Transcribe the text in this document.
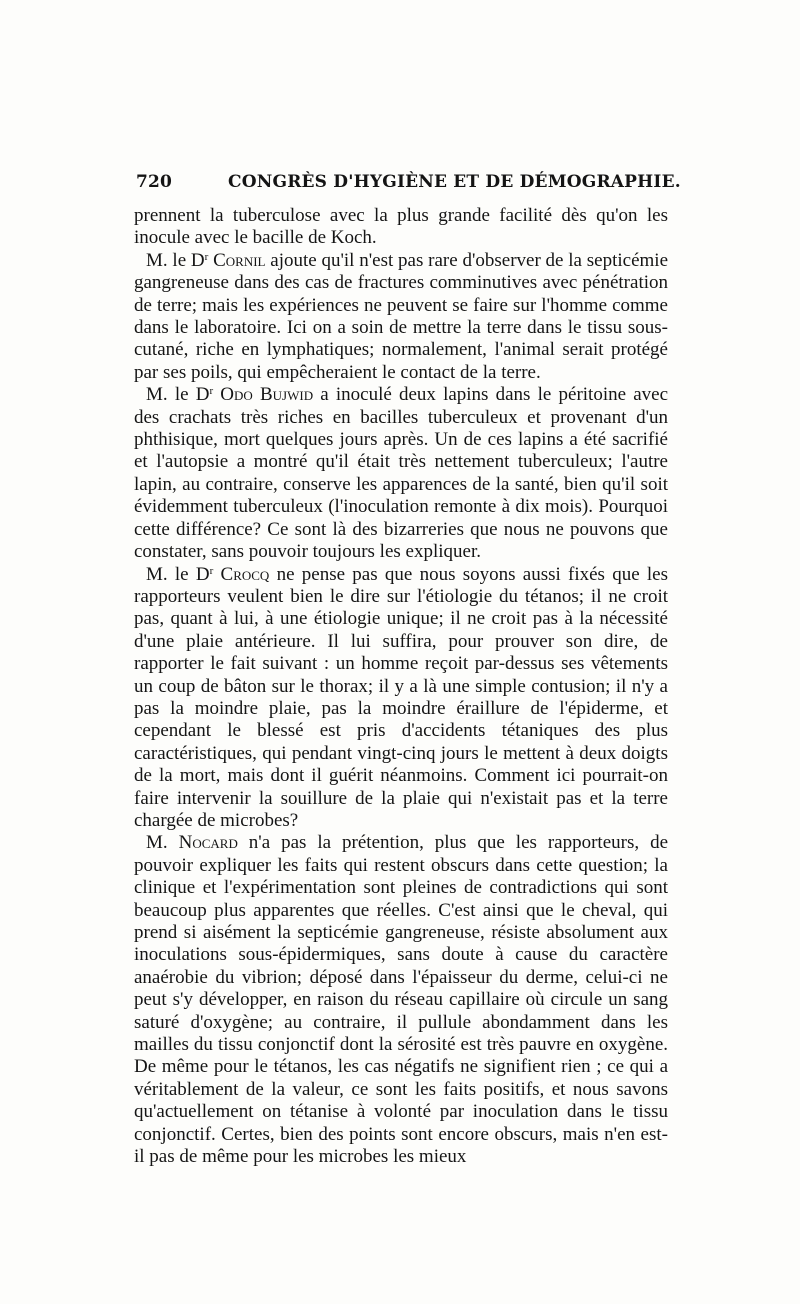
720	CONGRÈS D'HYGIÈNE ET DE DÉMOGRAPHIE.

prennent la tuberculose avec la plus grande facilité dès qu'on les inocule avec le bacille de Koch.

M. le $D^r$ Cornil ajoute qu'il n'est pas rare d'observer de la septicémie gangreneuse dans des cas de fractures comminutives avec pénétration de terre; mais les expériences ne peuvent se faire sur l'homme comme dans le laboratoire. Ici on a soin de mettre la terre dans le tissu sous-cutané, riche en lymphatiques; normalement, l'animal serait protégé par ses poils, qui empêcheraient le contact de la terre.

M. le $D^r$ Odo Bujwid a inoculé deux lapins dans le péritoine avec des crachats très riches en bacilles tuberculeux et provenant d'un phthisique, mort quelques jours après. Un de ces lapins a été sacrifié et l'autopsie a montré qu'il était très nettement tuberculeux; l'autre lapin, au contraire, conserve les apparences de la santé, bien qu'il soit évidemment tuberculeux (l'inoculation remonte à dix mois). Pourquoi cette différence? Ce sont là des bizarreries que nous ne pouvons que constater, sans pouvoir toujours les expliquer.

M. le $D^r$ Crocq ne pense pas que nous soyons aussi fixés que les rapporteurs veulent bien le dire sur l'étiologie du tétanos; il ne croit pas, quant à lui, à une étiologie unique; il ne croit pas à la nécessité d'une plaie antérieure. Il lui suffira, pour prouver son dire, de rapporter le fait suivant : un homme reçoit par-dessus ses vêtements un coup de bâton sur le thorax; il y a là une simple contusion; il n'y a pas la moindre plaie, pas la moindre éraillure de l'épiderme, et cependant le blessé est pris d'accidents tétaniques des plus caractéristiques, qui pendant vingt-cinq jours le mettent à deux doigts de la mort, mais dont il guérit néanmoins. Comment ici pourrait-on faire intervenir la souillure de la plaie qui n'existait pas et la terre chargée de microbes?

M. Nocard n'a pas la prétention, plus que les rapporteurs, de pouvoir expliquer les faits qui restent obscurs dans cette question; la clinique et l'expérimentation sont pleines de contradictions qui sont beaucoup plus apparentes que réelles. C'est ainsi que le cheval, qui prend si aisément la septicémie gangreneuse, résiste absolument aux inoculations sous-épidermiques, sans doute à cause du caractère anaérobie du vibrion; déposé dans l'épaisseur du derme, celui-ci ne peut s'y développer, en raison du réseau capillaire où circule un sang saturé d'oxygène; au contraire, il pullule abondamment dans les mailles du tissu conjonctif dont la sérosité est très pauvre en oxygène. De même pour le tétanos, les cas négatifs ne signifient rien ; ce qui a véritablement de la valeur, ce sont les faits positifs, et nous savons qu'actuellement on tétanise à volonté par inoculation dans le tissu conjonctif. Certes, bien des points sont encore obscurs, mais n'en est-il pas de même pour les microbes les mieux
